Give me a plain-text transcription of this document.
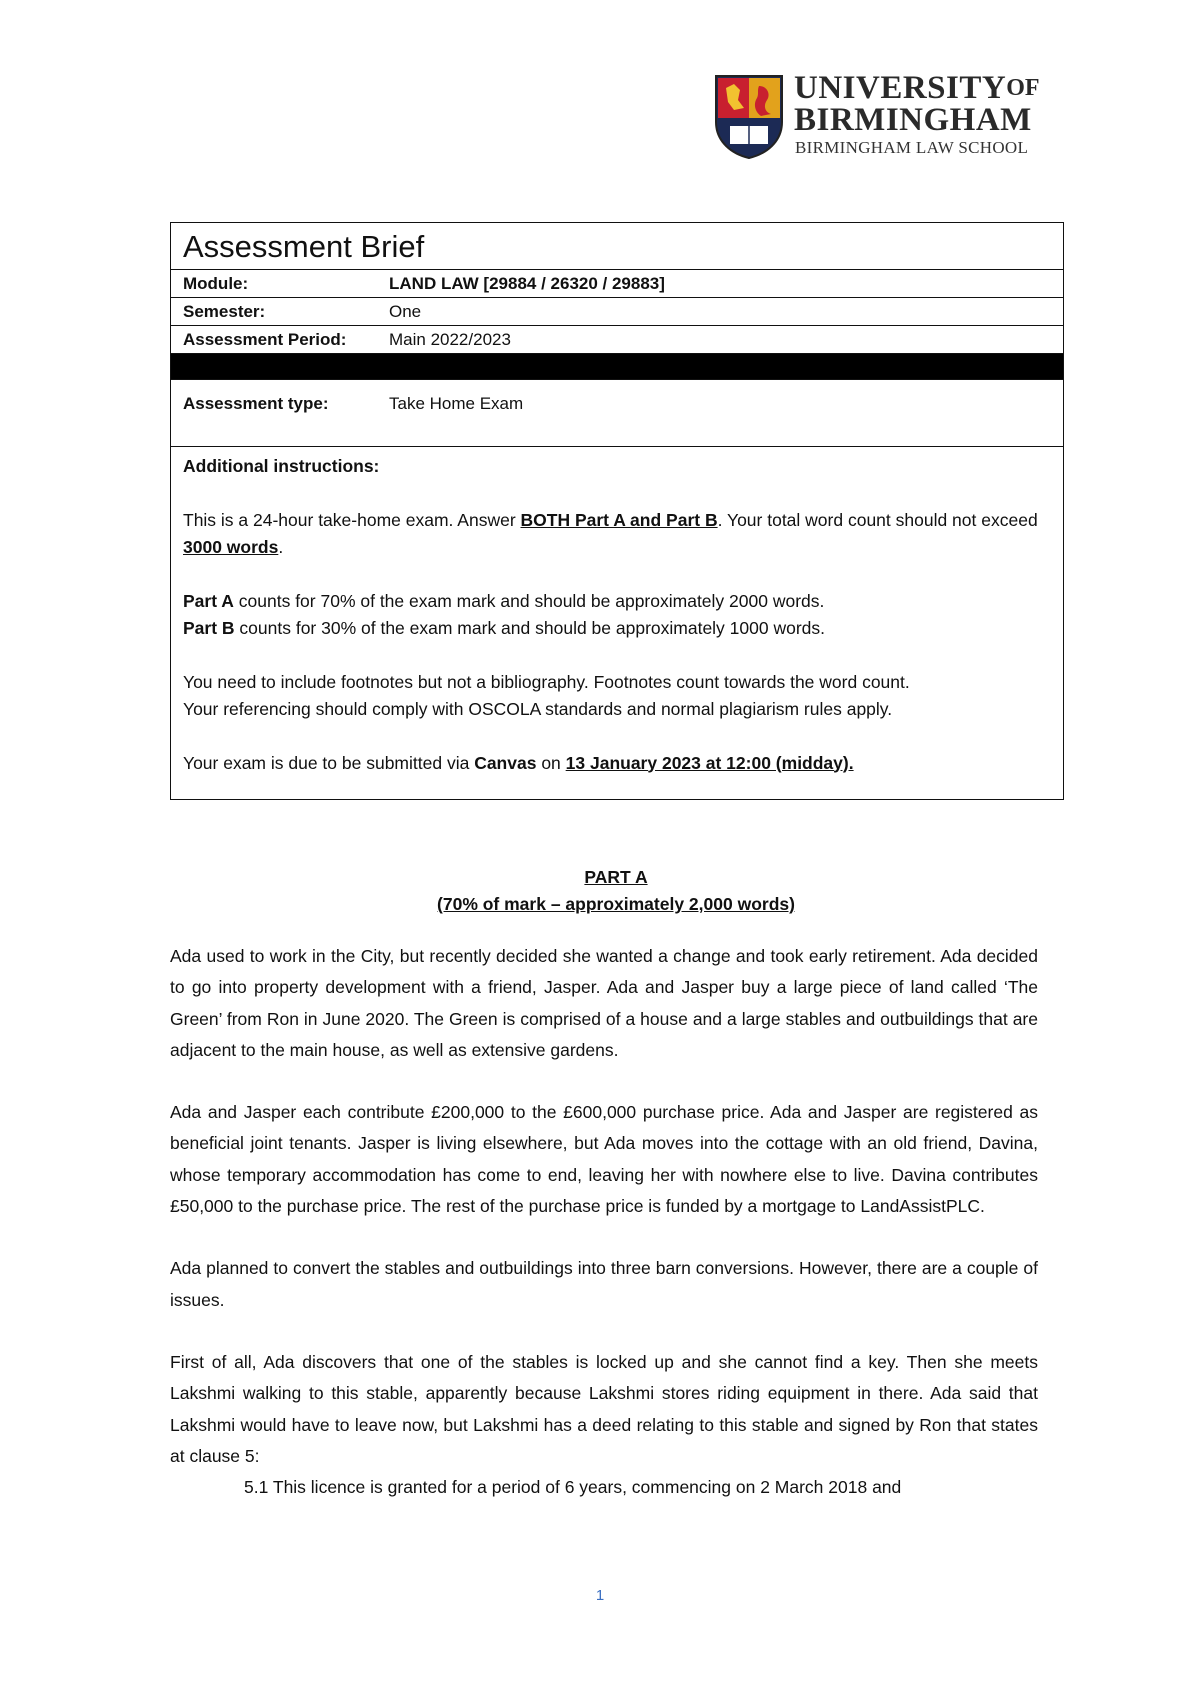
$UNIVERSITY^{OF}$
BIRMINGHAM
BIRMINGHAM LAW SCHOOL
Assessment Brief
Module:	LAND LAW [29884 / 26320 / 29883]
Semester:	One
Assessment Period:	Main 2022/2023
Assessment type:	Take Home Exam

Additional instructions:

This is a 24-hour take-home exam. Answer BOTH Part A and Part B. Your total word count should not exceed 3000 words.

Part A counts for 70% of the exam mark and should be approximately 2000 words.

Part B counts for 30% of the exam mark and should be approximately 1000 words.

You need to include footnotes but not a bibliography. Footnotes count towards the word count.

Your referencing should comply with OSCOLA standards and normal plagiarism rules apply.

Your exam is due to be submitted via Canvas on 13 January 2023 at 12:00 (midday).

PART A
(70% of mark – approximately 2,000 words)

Ada used to work in the City, but recently decided she wanted a change and took early retirement. Ada decided to go into property development with a friend, Jasper. Ada and Jasper buy a large piece of land called ‘The Green’ from Ron in June 2020. The Green is comprised of a house and a large stables and outbuildings that are adjacent to the main house, as well as extensive gardens.

Ada and Jasper each contribute £200,000 to the £600,000 purchase price. Ada and Jasper are registered as beneficial joint tenants. Jasper is living elsewhere, but Ada moves into the cottage with an old friend, Davina, whose temporary accommodation has come to end, leaving her with nowhere else to live. Davina contributes £50,000 to the purchase price. The rest of the purchase price is funded by a mortgage to LandAssistPLC.

Ada planned to convert the stables and outbuildings into three barn conversions. However, there are a couple of issues.

First of all, Ada discovers that one of the stables is locked up and she cannot find a key. Then she meets Lakshmi walking to this stable, apparently because Lakshmi stores riding equipment in there. Ada said that Lakshmi would have to leave now, but Lakshmi has a deed relating to this stable and signed by Ron that states at clause 5:

5.1 This licence is granted for a period of 6 years, commencing on 2 March 2018 and

1
